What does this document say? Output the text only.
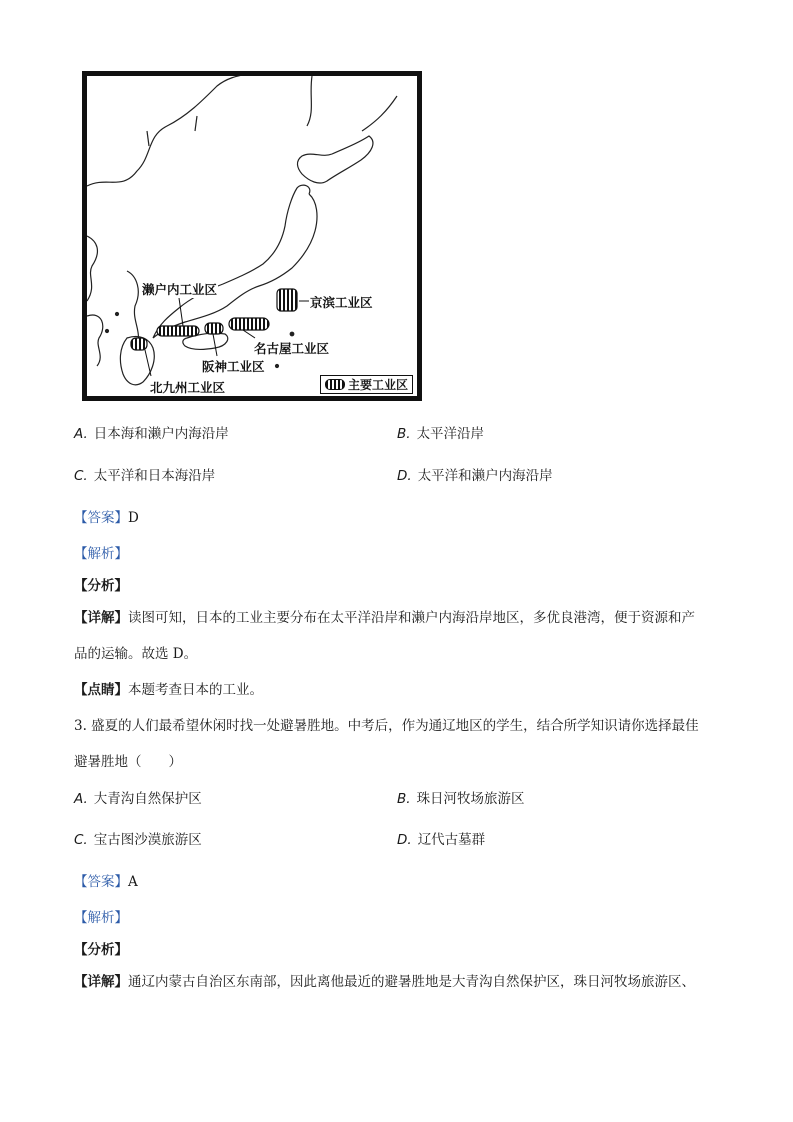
濑户内工业区
京滨工业区
名古屋工业区
阪神工业区
北九州工业区	主要工业区
A. 日本海和濑户内海沿岸	B. 太平洋沿岸
C. 太平洋和日本海沿岸	D. 太平洋和濑户内海沿岸
【答案】D
【解析】
【分析】
【详解】读图可知，日本的工业主要分布在太平洋沿岸和濑户内海沿岸地区，多优良港湾，便于资源和产
品的运输。故选 D。
【点睛】本题考查日本的工业。
3. 盛夏的人们最希望休闲时找一处避暑胜地。中考后，作为通辽地区的学生，结合所学知识请你选择最佳
避暑胜地（　　）
A. 大青沟自然保护区	B. 珠日河牧场旅游区
C. 宝古图沙漠旅游区	D. 辽代古墓群
【答案】A
【解析】
【分析】
【详解】通辽内蒙古自治区东南部，因此离他最近的避暑胜地是大青沟自然保护区，珠日河牧场旅游区、
